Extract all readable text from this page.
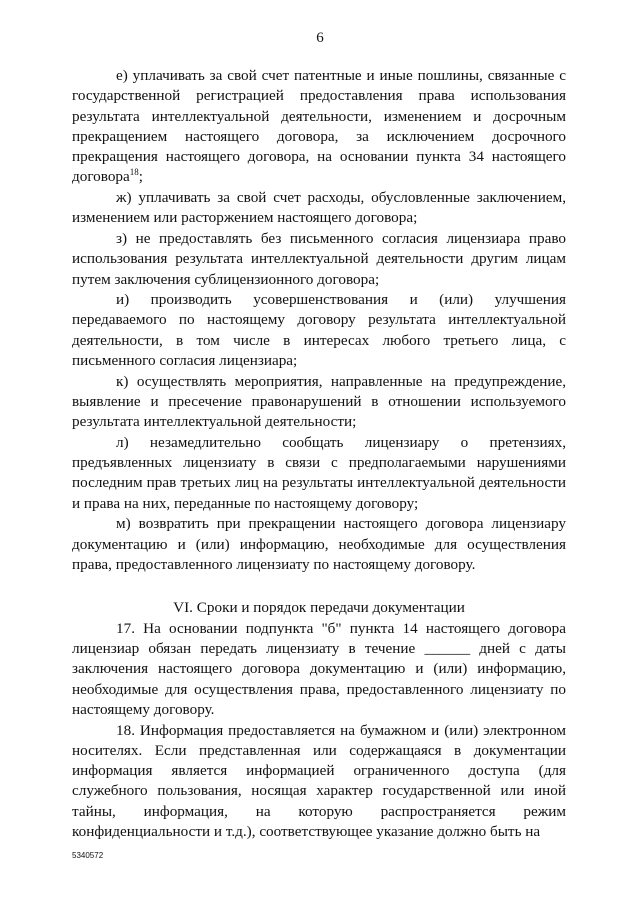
6

е) уплачивать за свой счет патентные и иные пошлины, связанные с государственной регистрацией предоставления права использования результата интеллектуальной деятельности, изменением и досрочным прекращением настоящего договора, за исключением досрочного прекращения настоящего договора, на основании пункта 34 настоящего договора$^{18}$;

ж) уплачивать за свой счет расходы, обусловленные заключением, изменением или расторжением настоящего договора;

з) не предоставлять без письменного согласия лицензиара право использования результата интеллектуальной деятельности другим лицам путем заключения сублицензионного договора;

и) производить усовершенствования и (или) улучшения передаваемого по настоящему договору результата интеллектуальной деятельности, в том числе в интересах любого третьего лица, с письменного согласия лицензиара;

к) осуществлять мероприятия, направленные на предупреждение, выявление и пресечение правонарушений в отношении используемого результата интеллектуальной деятельности;

л) незамедлительно сообщать лицензиару о претензиях, предъявленных лицензиату в связи с предполагаемыми нарушениями последним прав третьих лиц на результаты интеллектуальной деятельности и права на них, переданные по настоящему договору;

м) возвратить при прекращении настоящего договора лицензиару документацию и (или) информацию, необходимые для осуществления права, предоставленного лицензиату по настоящему договору.

VI. Сроки и порядок передачи документации

17. На основании подпункта "б" пункта 14 настоящего договора лицензиар обязан передать лицензиату в течение ______ дней с даты заключения настоящего договора документацию и (или) информацию, необходимые для осуществления права, предоставленного лицензиату по настоящему договору.

18. Информация предоставляется на бумажном и (или) электронном носителях. Если представленная или содержащаяся в документации информация является информацией ограниченного доступа (для служебного пользования, носящая характер государственной или иной тайны, информация, на которую распространяется режим конфиденциальности и т.д.), соответствующее указание должно быть на

5340572
